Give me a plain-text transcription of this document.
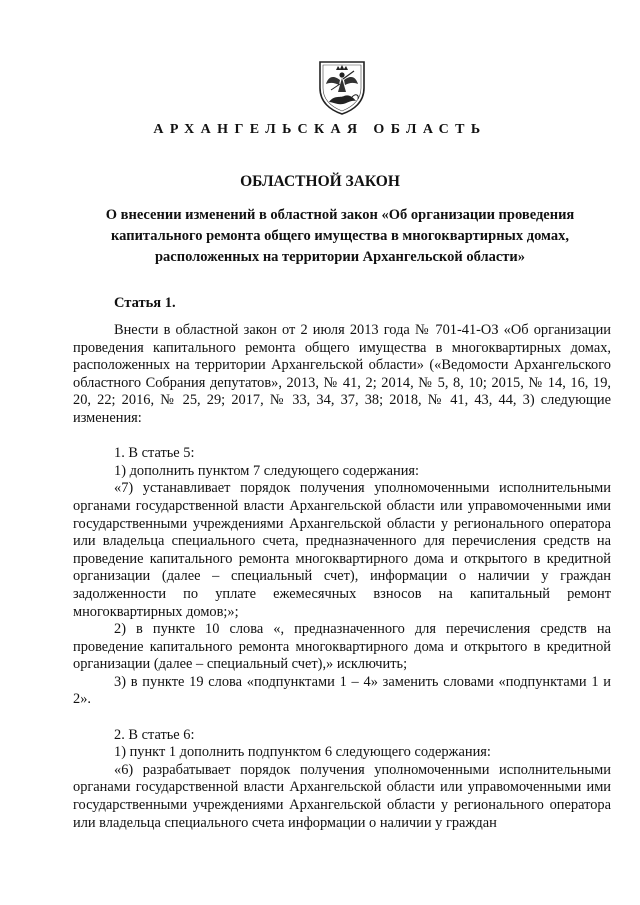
АРХАНГЕЛЬСКАЯ ОБЛАСТЬ
ОБЛАСТНОЙ ЗАКОН
О внесении изменений в областной закон «Об организации проведения капитального ремонта общего имущества в многоквартирных домах, расположенных на территории Архангельской области»
Статья 1.

Внести в областной закон от 2 июля 2013 года № 701-41-ОЗ «Об организации проведения капитального ремонта общего имущества в многоквартирных домах, расположенных на территории Архангельской области» («Ведомости Архангельского областного Собрания депутатов», 2013, № 41, 2; 2014, № 5, 8, 10; 2015, № 14, 16, 19, 20, 22; 2016, № 25, 29; 2017, № 33, 34, 37, 38; 2018, № 41, 43, 44, 3) следующие изменения:

1. В статье 5:

1) дополнить пунктом 7 следующего содержания:

«7) устанавливает порядок получения уполномоченными исполнительными органами государственной власти Архангельской области или управомоченными ими государственными учреждениями Архангельской области у регионального оператора или владельца специального счета, предназначенного для перечисления средств на проведение капитального ремонта многоквартирного дома и открытого в кредитной организации (далее – специальный счет), информации о наличии у граждан задолженности по уплате ежемесячных взносов на капитальный ремонт многоквартирных домов;»;

2) в пункте 10 слова «, предназначенного для перечисления средств на проведение капитального ремонта многоквартирного дома и открытого в кредитной организации (далее – специальный счет),» исключить;

3) в пункте 19 слова «подпунктами 1 – 4» заменить словами «подпунктами 1 и 2».

2. В статье 6:

1) пункт 1 дополнить подпунктом 6 следующего содержания:

«6) разрабатывает порядок получения уполномоченными исполнительными органами государственной власти Архангельской области или управомоченными ими государственными учреждениями Архангельской области у регионального оператора или владельца специального счета информации о наличии у граждан
